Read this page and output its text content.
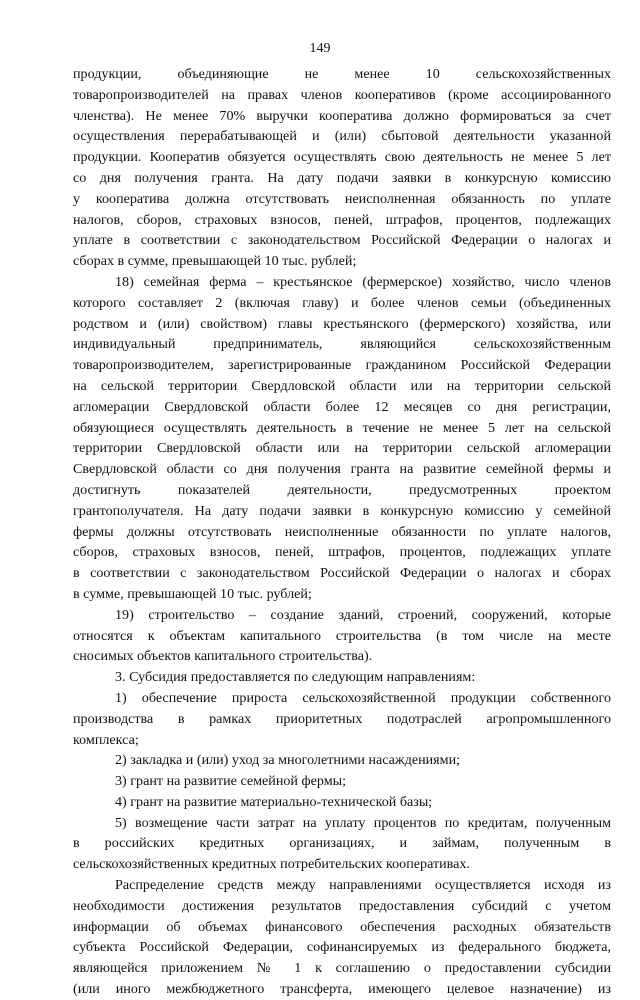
149
продукции, объединяющие не менее 10 сельскохозяйственных
товаропроизводителей на правах членов кооперативов (кроме ассоциированного
членства). Не менее 70% выручки кооператива должно формироваться за счет
осуществления перерабатывающей и (или) сбытовой деятельности указанной
продукции. Кооператив обязуется осуществлять свою деятельность не менее 5 лет
со дня получения гранта. На дату подачи заявки в конкурсную комиссию
у кооператива должна отсутствовать неисполненная обязанность по уплате
налогов, сборов, страховых взносов, пеней, штрафов, процентов, подлежащих
уплате в соответствии с законодательством Российской Федерации о налогах и
сборах в сумме, превышающей 10 тыс. рублей;
18) семейная ферма – крестьянское (фермерское) хозяйство, число членов
которого составляет 2 (включая главу) и более членов семьи (объединенных
родством и (или) свойством) главы крестьянского (фермерского) хозяйства, или
индивидуальный предприниматель, являющийся сельскохозяйственным
товаропроизводителем, зарегистрированные гражданином Российской Федерации
на сельской территории Свердловской области или на территории сельской
агломерации Свердловской области более 12 месяцев со дня регистрации,
обязующиеся осуществлять деятельность в течение не менее 5 лет на сельской
территории Свердловской области или на территории сельской агломерации
Свердловской области со дня получения гранта на развитие семейной фермы и
достигнуть показателей деятельности, предусмотренных проектом
грантополучателя. На дату подачи заявки в конкурсную комиссию у семейной
фермы должны отсутствовать неисполненные обязанности по уплате налогов,
сборов, страховых взносов, пеней, штрафов, процентов, подлежащих уплате
в соответствии с законодательством Российской Федерации о налогах и сборах
в сумме, превышающей 10 тыс. рублей;
19) строительство – создание зданий, строений, сооружений, которые
относятся к объектам капитального строительства (в том числе на месте
сносимых объектов капитального строительства).
3. Субсидия предоставляется по следующим направлениям:
1) обеспечение прироста сельскохозяйственной продукции собственного
производства в рамках приоритетных подотраслей агропромышленного
комплекса;
2) закладка и (или) уход за многолетними насаждениями;
3) грант на развитие семейной фермы;
4) грант на развитие материально-технической базы;
5) возмещение части затрат на уплату процентов по кредитам, полученным
в российских кредитных организациях, и займам, полученным в
сельскохозяйственных кредитных потребительских кооперативах.
Распределение средств между направлениями осуществляется исходя из
необходимости достижения результатов предоставления субсидий с учетом
информации об объемах финансового обеспечения расходных обязательств
субъекта Российской Федерации, софинансируемых из федерального бюджета,
являющейся приложением № 1 к соглашению о предоставлении субсидии
(или иного межбюджетного трансферта, имеющего целевое назначение) из
